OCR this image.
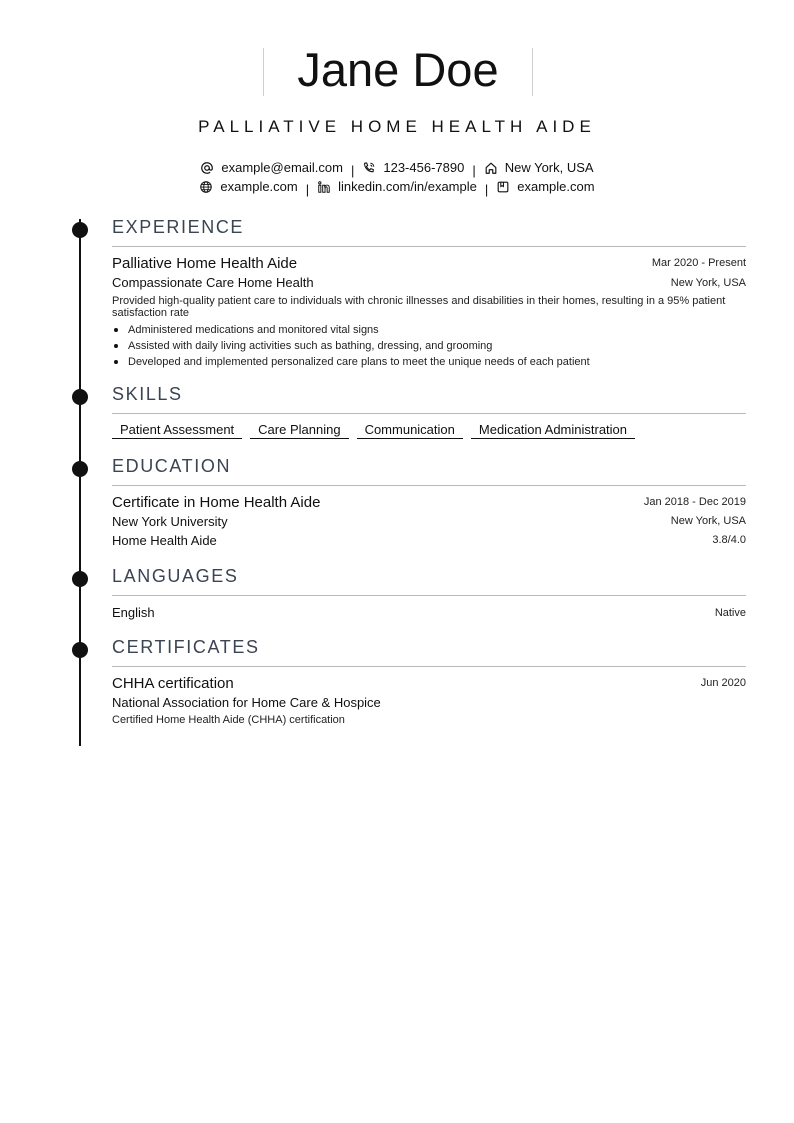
Jane Doe
PALLIATIVE HOME HEALTH AIDE
example@email.com | 123-456-7890 | New York, USA
example.com | linkedin.com/in/example | example.com
EXPERIENCE
Palliative Home Health Aide	Mar 2020 - Present
Compassionate Care Home Health	New York, USA
Provided high-quality patient care to individuals with chronic illnesses and disabilities in their homes, resulting in a 95% patient satisfaction rate
Administered medications and monitored vital signs
Assisted with daily living activities such as bathing, dressing, and grooming
Developed and implemented personalized care plans to meet the unique needs of each patient
SKILLS
Patient Assessment Care Planning Communication Medication Administration
EDUCATION
Certificate in Home Health Aide	Jan 2018 - Dec 2019
New York University	New York, USA
Home Health Aide	3.8/4.0
LANGUAGES
English	Native
CERTIFICATES
CHHA certification	Jun 2020
National Association for Home Care & Hospice
Certified Home Health Aide (CHHA) certification
